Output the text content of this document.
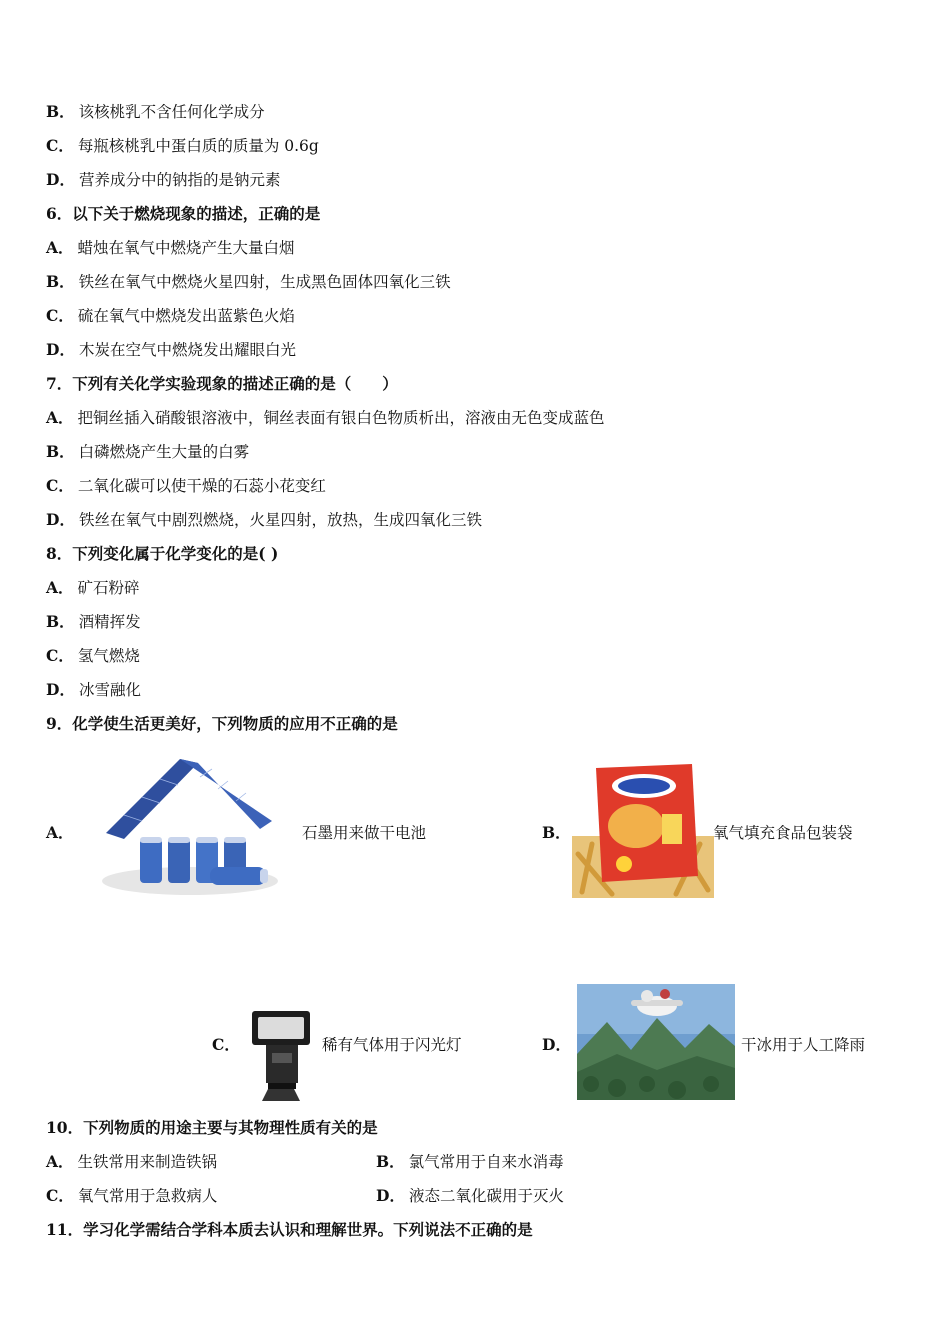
B． 该核桃乳不含任何化学成分
C． 每瓶核桃乳中蛋白质的质量为 0.6g
D． 营养成分中的钠指的是钠元素
6．以下关于燃烧现象的描述，正确的是
A． 蜡烛在氧气中燃烧产生大量白烟
B． 铁丝在氧气中燃烧火星四射，生成黑色固体四氧化三铁
C． 硫在氧气中燃烧发出蓝紫色火焰
D． 木炭在空气中燃烧发出耀眼白光
7．下列有关化学实验现象的描述正确的是（　　）
A． 把铜丝插入硝酸银溶液中，铜丝表面有银白色物质析出，溶液由无色变成蓝色
B． 白磷燃烧产生大量的白雾
C． 二氧化碳可以使干燥的石蕊小花变红
D． 铁丝在氧气中剧烈燃烧，火星四射，放热，生成四氧化三铁
8．下列变化属于化学变化的是( )
A． 矿石粉碎
B． 酒精挥发
C． 氢气燃烧
D． 冰雪融化
9．化学使生活更美好，下列物质的应用不正确的是
A．	石墨用来做干电池	B．	氧气填充食品包装袋
C．	稀有气体用于闪光灯	D．	干冰用于人工降雨
10．下列物质的用途主要与其物理性质有关的是
A． 生铁常用来制造铁锅	B． 氯气常用于自来水消毒
C． 氧气常用于急救病人	D． 液态二氧化碳用于灭火
11．学习化学需结合学科本质去认识和理解世界。下列说法不正确的是
